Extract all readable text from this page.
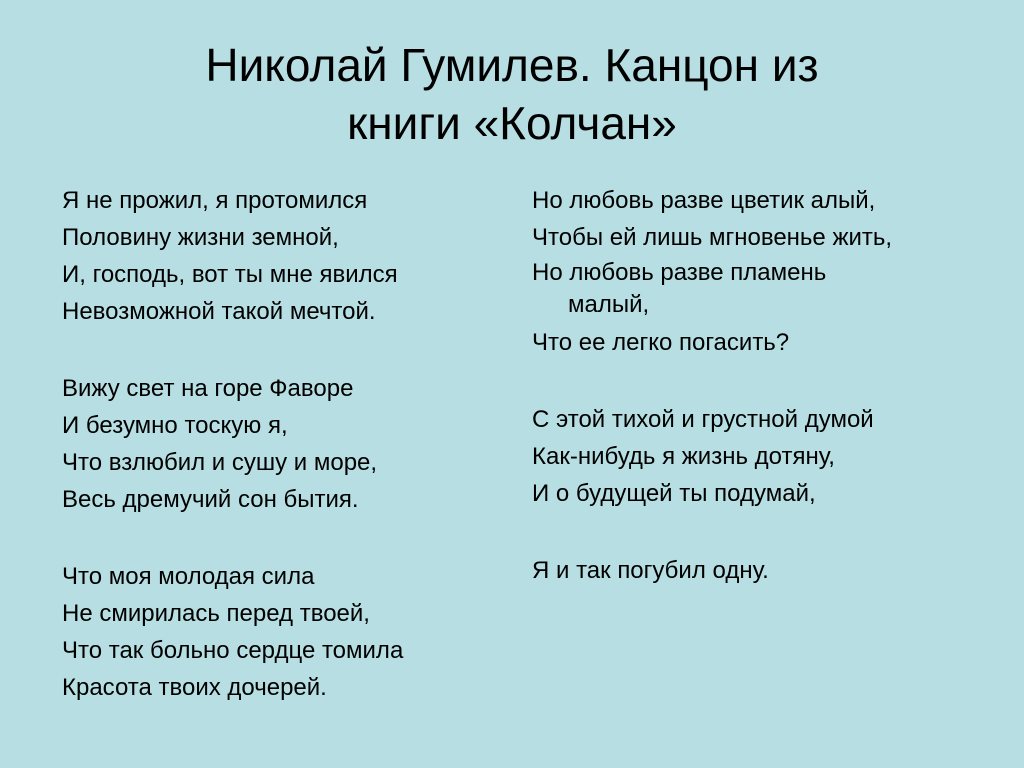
Николай Гумилев. Канцон из
книги «Колчан»
Я не прожил, я протомился
Половину жизни земной,
И, господь, вот ты мне явился
Невозможной такой мечтой.
Вижу свет на горе Фаворе
И безумно тоскую я,
Что взлюбил и сушу и море,
Весь дремучий сон бытия.
Что моя молодая сила
Не смирилась перед твоей,
Что так больно сердце томила
Красота твоих дочерей.
Но любовь разве цветик алый,
Чтобы ей лишь мгновенье жить,
Но любовь разве пламень
малый,
Что ее легко погасить?
С этой тихой и грустной думой
Как-нибудь я жизнь дотяну,
И о будущей ты подумай,
Я и так погубил одну.
